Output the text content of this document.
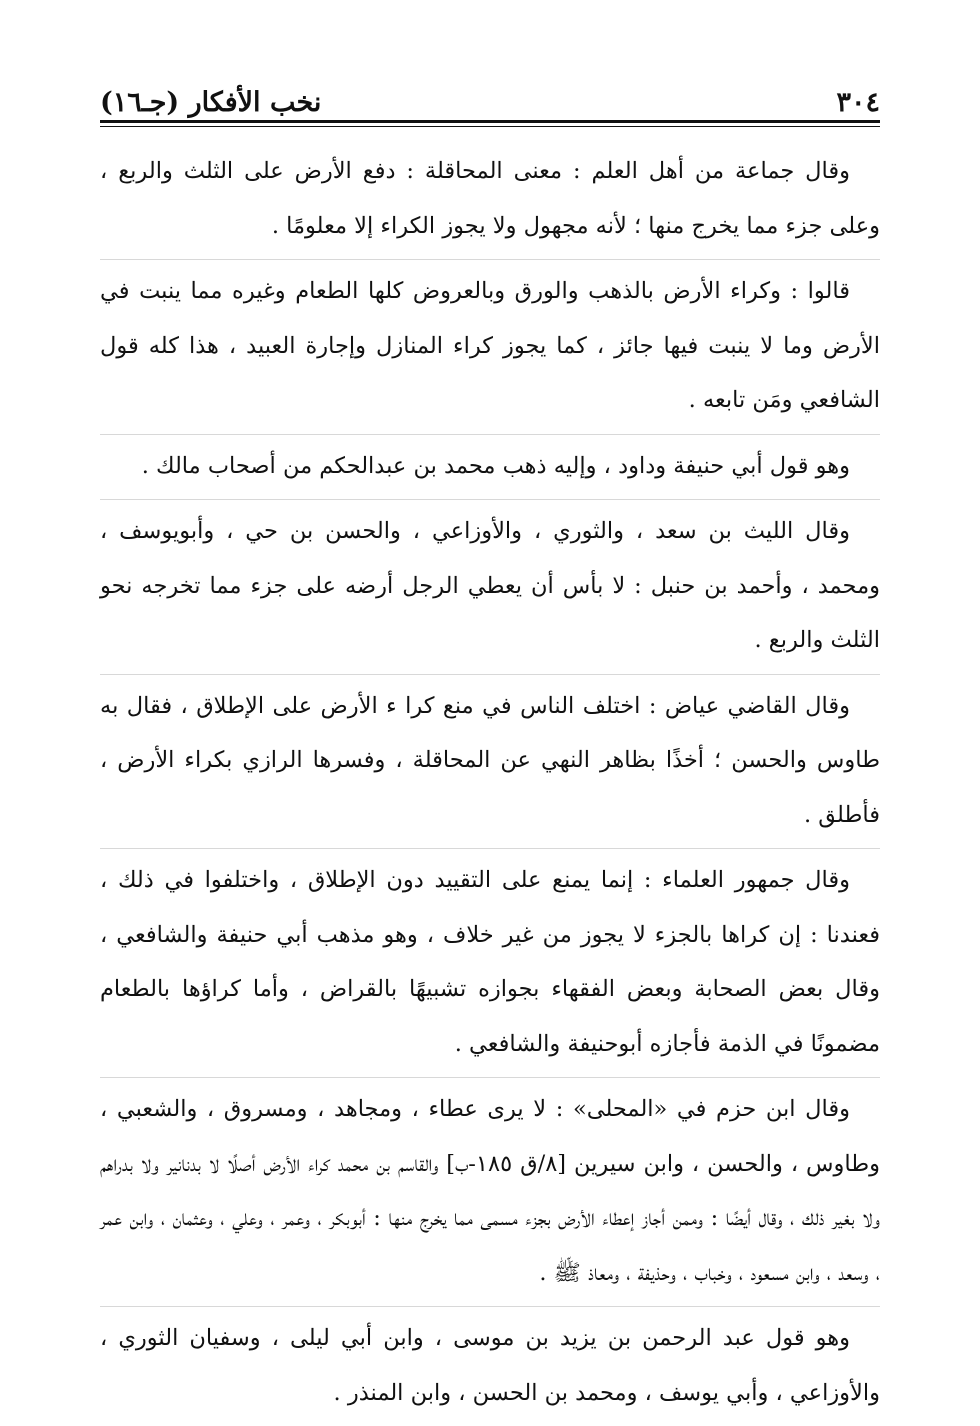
٣٠٤
نخب الأفكار (جـ١٦)

وقال جماعة من أهل العلم : معنى المحاقلة : دفع الأرض على الثلث والربع ، وعلى جزء مما يخرج منها ؛ لأنه مجهول ولا يجوز الكراء إلا معلومًا .

قالوا : وكراء الأرض بالذهب والورق وبالعروض كلها الطعام وغيره مما ينبت في الأرض وما لا ينبت فيها جائز ، كما يجوز كراء المنازل وإجارة العبيد ، هذا كله قول الشافعي ومَن تابعه .

وهو قول أبي حنيفة وداود ، وإليه ذهب محمد بن عبدالحكم من أصحاب مالك .

وقال الليث بن سعد ، والثوري ، والأوزاعي ، والحسن بن حي ، وأبويوسف ، ومحمد ، وأحمد بن حنبل : لا بأس أن يعطي الرجل أرضه على جزء مما تخرجه نحو الثلث والربع .

وقال القاضي عياض : اختلف الناس في منع كرا ء الأرض على الإطلاق ، فقال به طاوس والحسن ؛ أخذًا بظاهر النهي عن المحاقلة ، وفسرها الرازي بكراء الأرض ، فأطلق .

وقال جمهور العلماء : إنما يمنع على التقييد دون الإطلاق ، واختلفوا في ذلك ، فعندنا : إن كراها بالجزء لا يجوز من غير خلاف ، وهو مذهب أبي حنيفة والشافعي ، وقال بعض الصحابة وبعض الفقهاء بجوازه تشبيهًا بالقراض ، وأما كراؤها بالطعام مضمونًا في الذمة فأجازه أبوحنيفة والشافعي .

وقال ابن حزم في «المحلى» : لا يرى عطاء ، ومجاهد ، ومسروق ، والشعبي ، وطاوس ، والحسن ، وابن سيرين [٨/ق ١٨٥-ب] والقاسم بن محمد كراء الأرض أصلًا لا بدنانير ولا بدراهم ولا بغير ذلك ، وقال أيضًا : وممن أجاز إعطاء الأرض بجزء مسمى مما يخرج منها : أبوبكر ، وعمر ، وعلي ، وعثمان ، وابن عمر ، وسعد ، وابن مسعود ، وخباب ، وحذيفة ، ومعاذ ﷺ .

وهو قول عبد الرحمن بن يزيد بن موسى ، وابن أبي ليلى ، وسفيان الثوري ، والأوزاعي ، وأبي يوسف ، ومحمد بن الحسن ، وابن المنذر .
